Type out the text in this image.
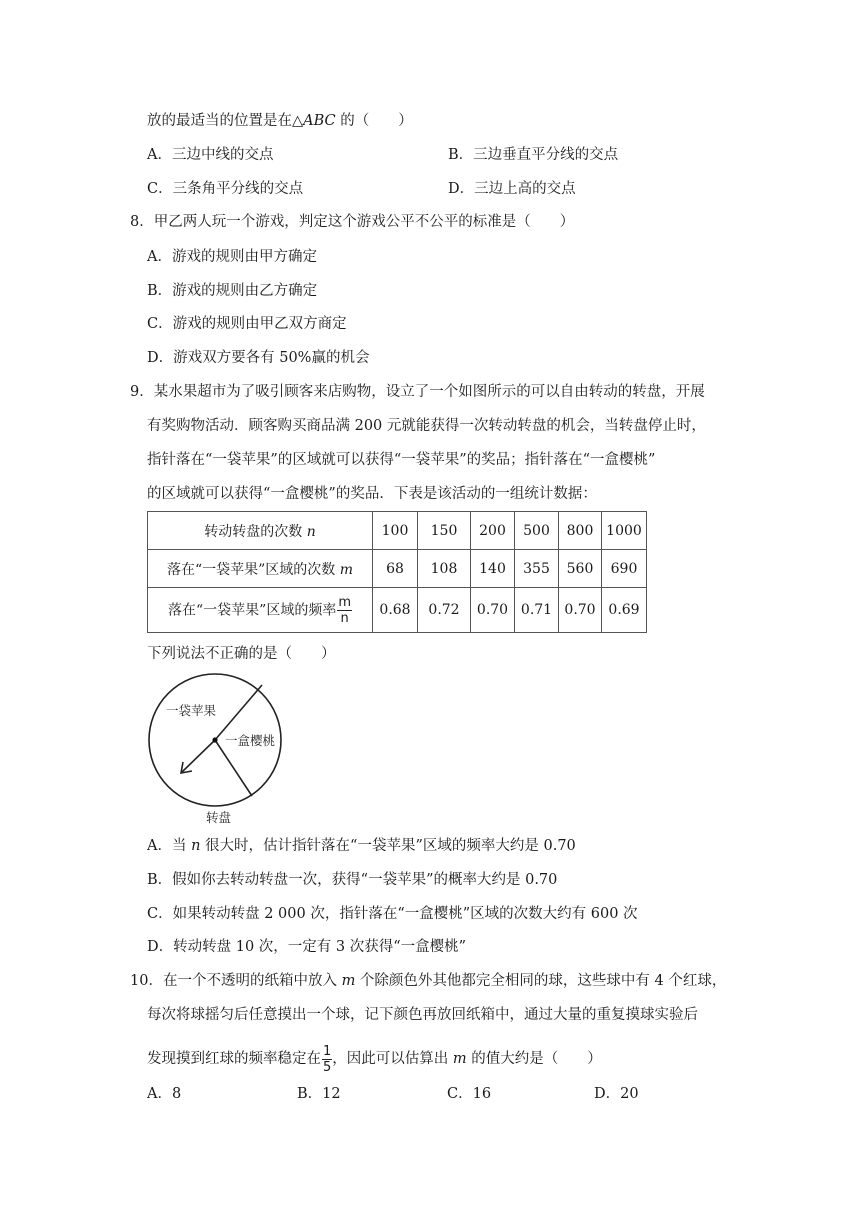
放的最适当的位置是在△ABC 的（　　）
A．三边中线的交点	B．三边垂直平分线的交点
C．三条角平分线的交点	D．三边上高的交点
8．甲乙两人玩一个游戏，判定这个游戏公平不公平的标准是（　　）
A．游戏的规则由甲方确定
B．游戏的规则由乙方确定
C．游戏的规则由甲乙双方商定
D．游戏双方要各有 50%赢的机会
9．某水果超市为了吸引顾客来店购物，设立了一个如图所示的可以自由转动的转盘，开展
有奖购物活动．顾客购买商品满 200 元就能获得一次转动转盘的机会，当转盘停止时，
指针落在“一袋苹果”的区域就可以获得“一袋苹果”的奖品；指针落在“一盒樱桃”
的区域就可以获得“一盒樱桃”的奖品．下表是该活动的一组统计数据：
转动转盘的次数 n	100	150	200	500	800	1000
落在“一袋苹果”区域的次数 m	68	108	140	355	560	690
落在“一袋苹果”区域的频率 $\frac{m}{n}$	0.68	0.72	0.70	0.71	0.70	0.69
下列说法不正确的是（　　）
一袋苹果
一盒樱桃
转盘
A．当 n 很大时，估计指针落在“一袋苹果”区域的频率大约是 0.70
B．假如你去转动转盘一次，获得“一袋苹果”的概率大约是 0.70
C．如果转动转盘 2 000 次，指针落在“一盒樱桃”区域的次数大约有 600 次
D．转动转盘 10 次，一定有 3 次获得“一盒樱桃”
10．在一个不透明的纸箱中放入 m 个除颜色外其他都完全相同的球，这些球中有 4 个红球，
每次将球摇匀后任意摸出一个球，记下颜色再放回纸箱中，通过大量的重复摸球实验后
发现摸到红球的频率稳定在 $\frac{1}{5}$ ，因此可以估算出 m 的值大约是（　　）
A．8	B．12	C．16	D．20
